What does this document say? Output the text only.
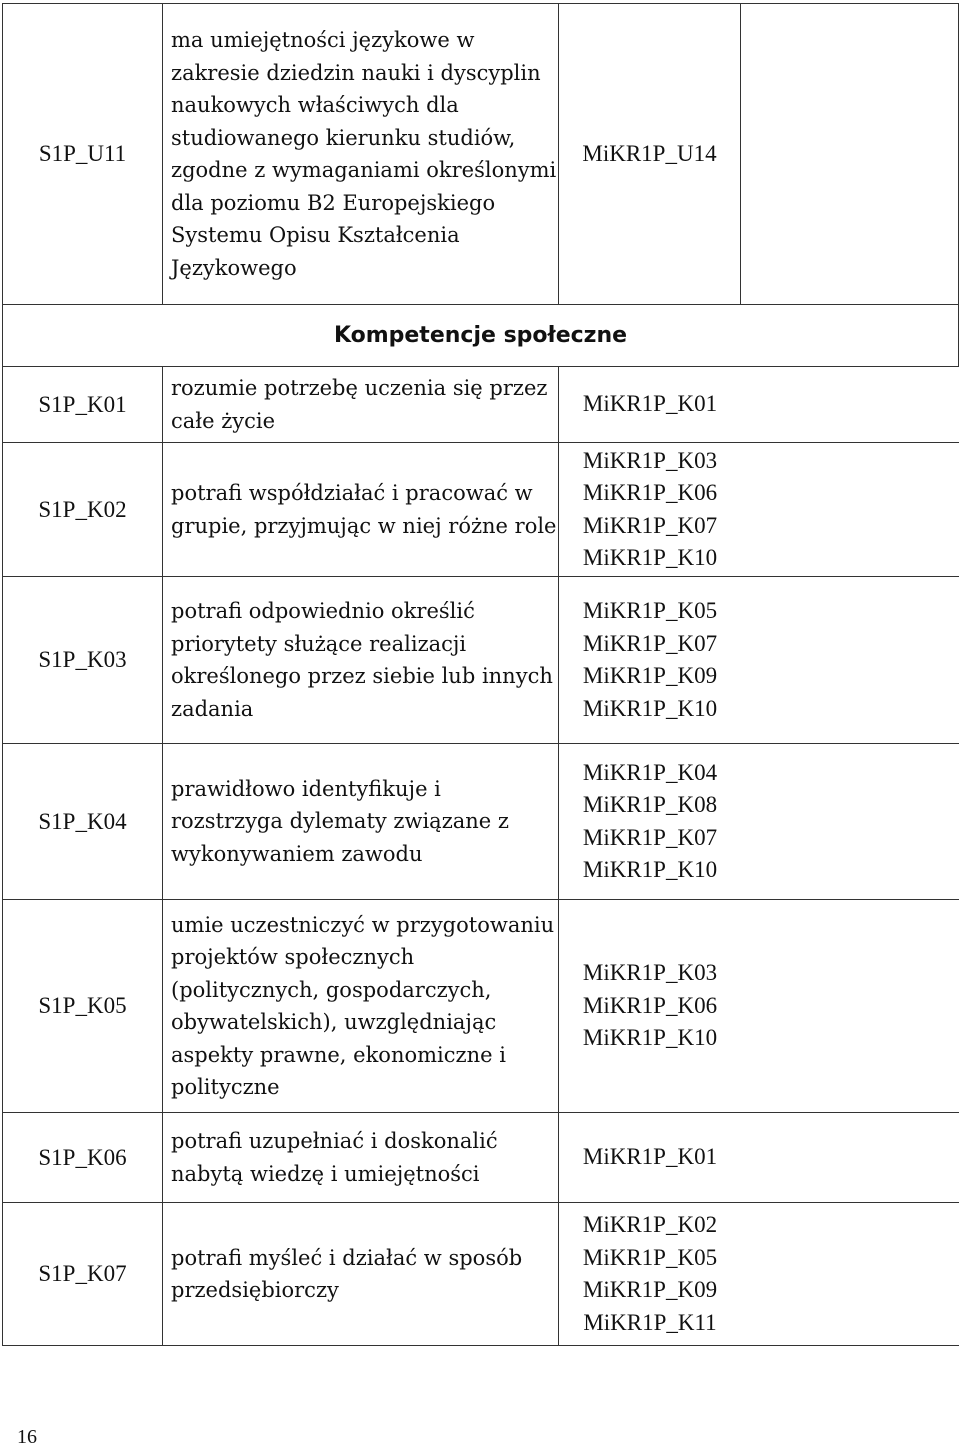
S1P_U11	ma umiejętności językowe w zakresie dziedzin nauki i dyscyplin naukowych właściwych dla studiowanego kierunku studiów, zgodne z wymaganiami określonymi dla poziomu B2 Europejskiego Systemu Opisu Kształcenia Językowego	MiKR1P_U14	

Kompetencje społeczne			
S1P_K01	rozumie potrzebę uczenia się przez całe życie	MiKR1P_K01	

S1P_K02	potrafi współdziałać i pracować w grupie, przyjmując w niej różne role	MiKR1P_K03
MiKR1P_K06
MiKR1P_K07
MiKR1P_K10	

S1P_K03	potrafi odpowiednio określić priorytety służące realizacji określonego przez siebie lub innych zadania	MiKR1P_K05
MiKR1P_K07
MiKR1P_K09
MiKR1P_K10	

S1P_K04	prawidłowo identyfikuje i rozstrzyga dylematy związane z wykonywaniem zawodu	MiKR1P_K04
MiKR1P_K08
MiKR1P_K07
MiKR1P_K10	

S1P_K05	umie uczestniczyć w przygotowaniu projektów społecznych (politycznych, gospodarczych, obywatelskich), uwzględniając aspekty prawne, ekonomiczne i polityczne	MiKR1P_K03
MiKR1P_K06
MiKR1P_K10	

S1P_K06	potrafi uzupełniać i doskonalić nabytą wiedzę i umiejętności	MiKR1P_K01	

S1P_K07	potrafi myśleć i działać w sposób przedsiębiorczy	MiKR1P_K02
MiKR1P_K05
MiKR1P_K09
MiKR1P_K11	
16
